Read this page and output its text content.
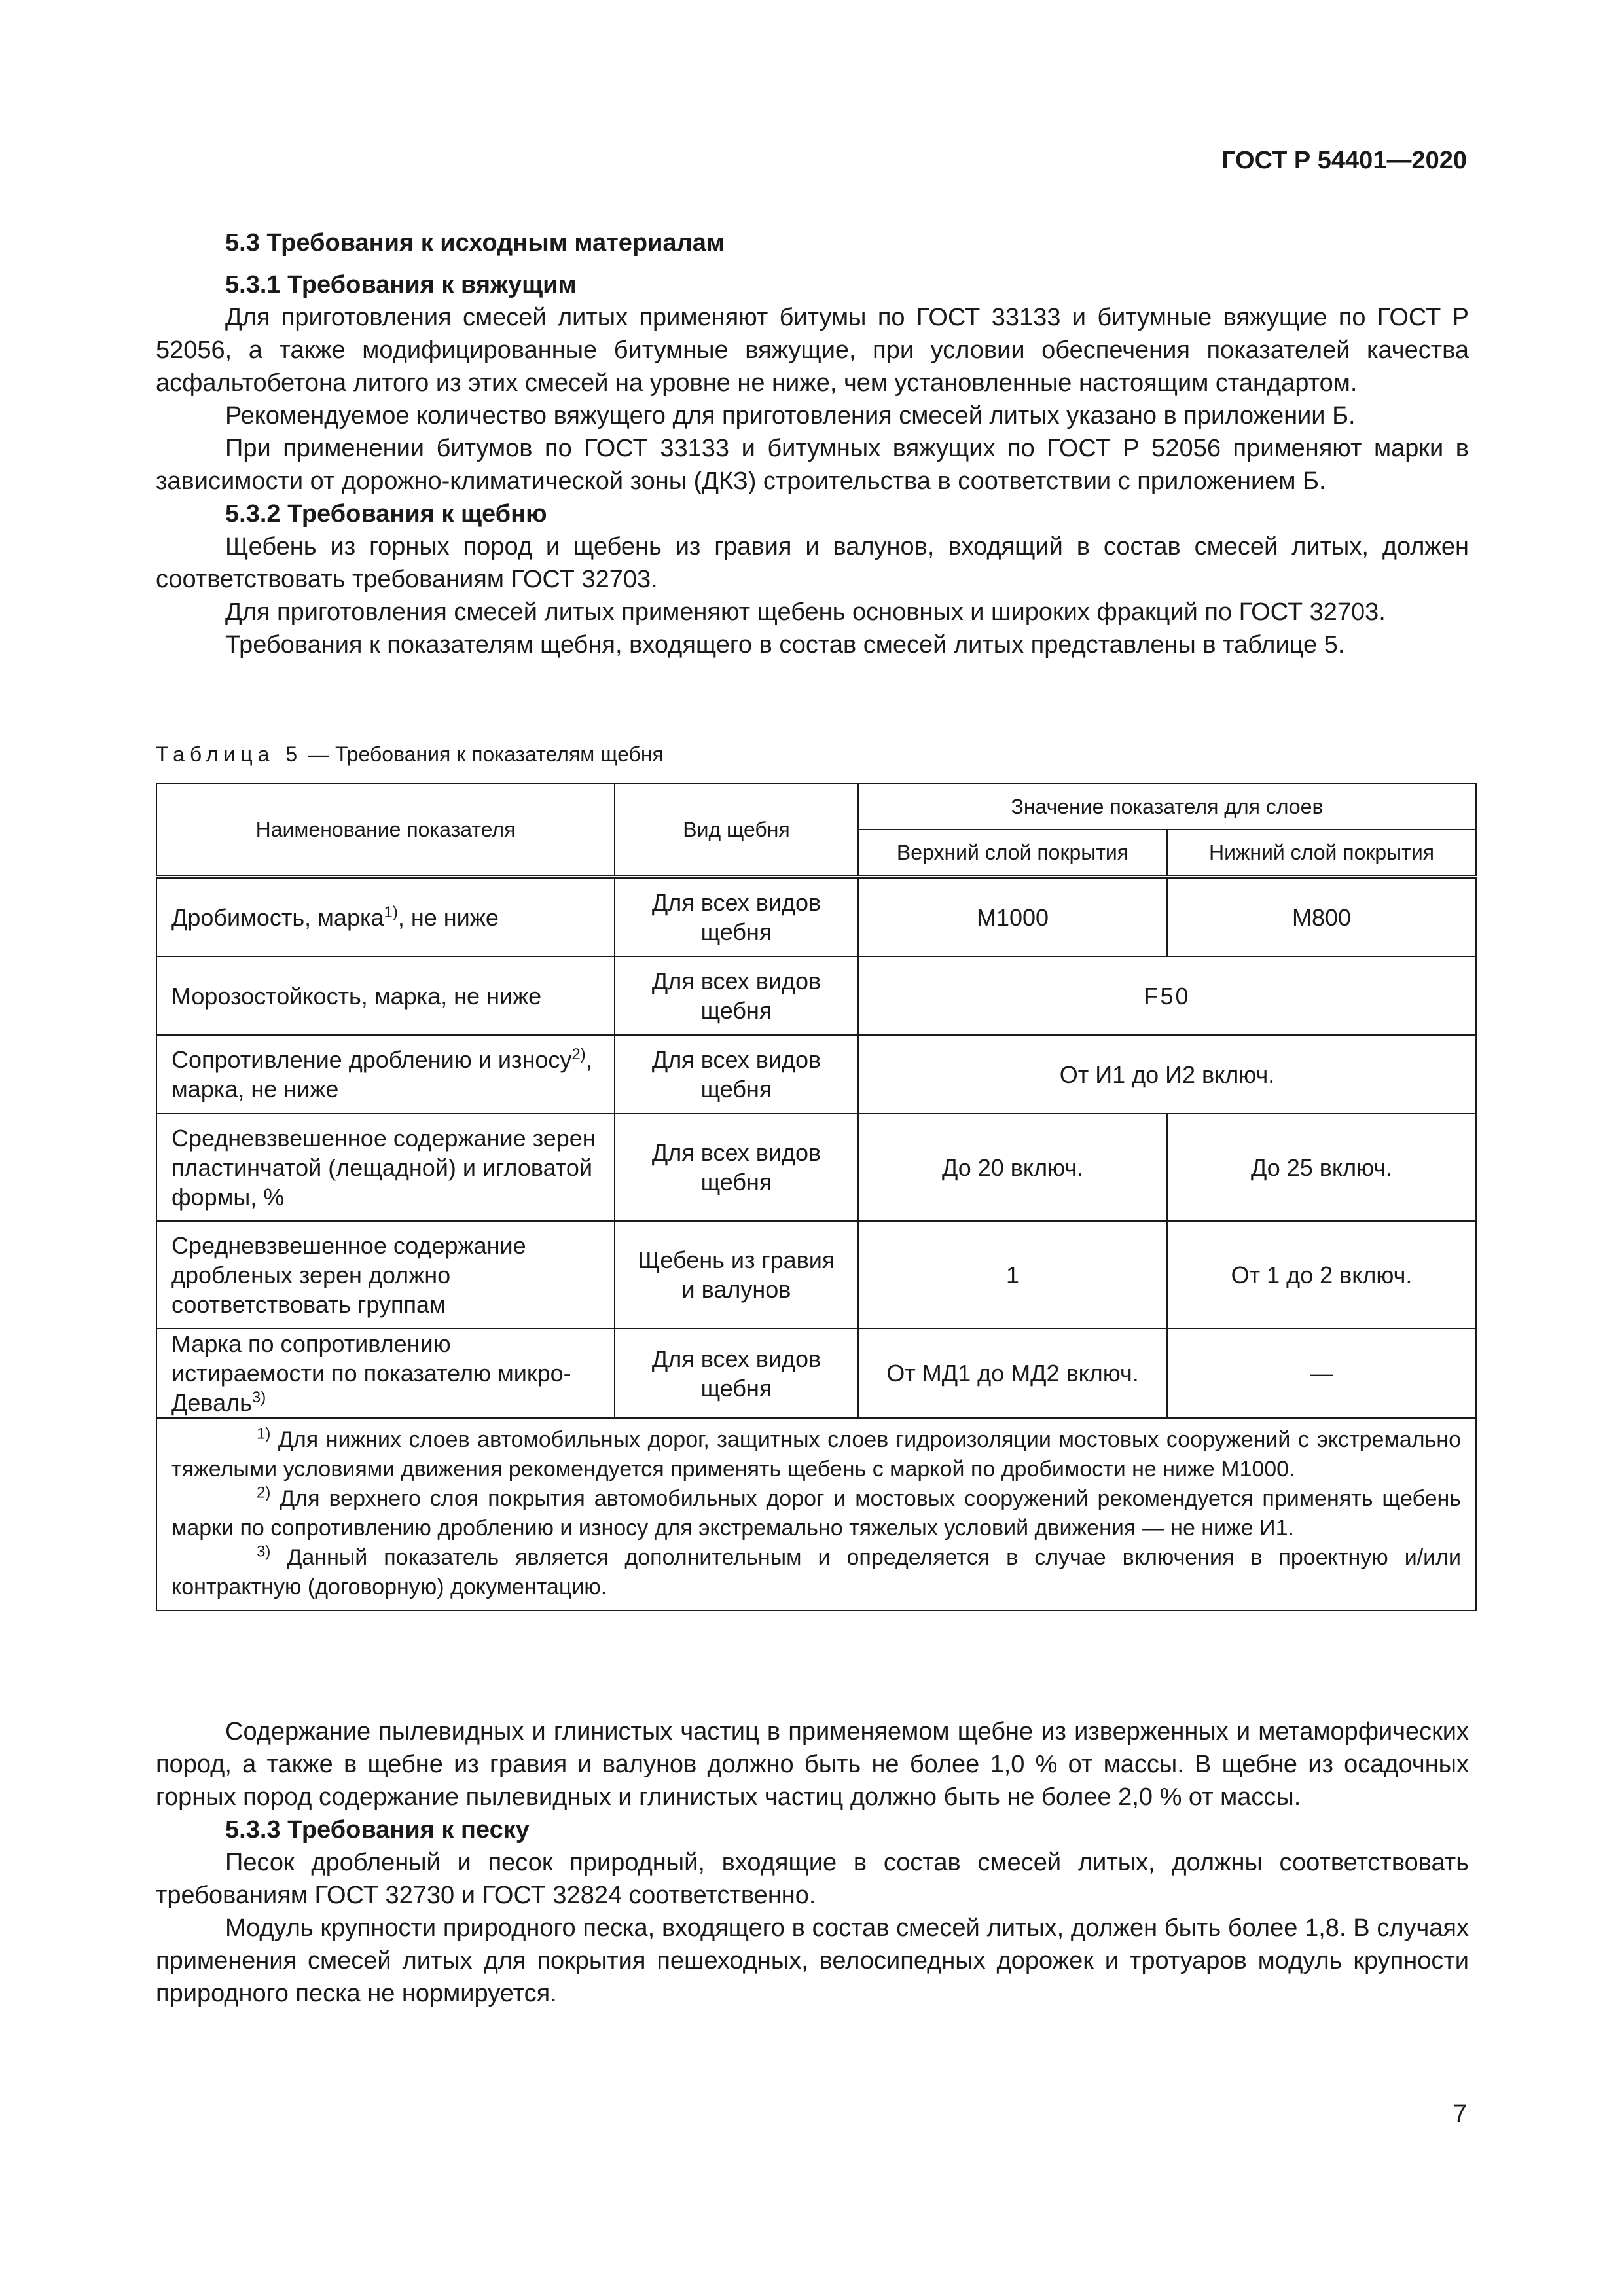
ГОСТ Р 54401—2020

5.3 Требования к исходным материалам

5.3.1 Требования к вяжущим

Для приготовления смесей литых применяют битумы по ГОСТ 33133 и битумные вяжущие по ГОСТ Р 52056, а также модифицированные битумные вяжущие, при условии обеспечения показателей качества асфальтобетона литого из этих смесей на уровне не ниже, чем установленные настоящим стандартом.

Рекомендуемое количество вяжущего для приготовления смесей литых указано в приложении Б.

При применении битумов по ГОСТ 33133 и битумных вяжущих по ГОСТ Р 52056 применяют марки в зависимости от дорожно-климатической зоны (ДКЗ) строительства в соответствии с приложением Б.

5.3.2 Требования к щебню

Щебень из горных пород и щебень из гравия и валунов, входящий в состав смесей литых, должен соответствовать требованиям ГОСТ 32703.

Для приготовления смесей литых применяют щебень основных и широких фракций по ГОСТ 32703.

Требования к показателям щебня, входящего в состав смесей литых представлены в таблице 5.

Таблица 5 — Требования к показателям щебня
Наименование показателя	Вид щебня	Значение показателя для слоев	
		Верхний слой покрытия	Нижний слой покрытия
Дробимость, марка$^{1)}$, не ниже	Для всех видов щебня	М1000	М800
Морозостойкость, марка, не ниже	Для всех видов щебня	F50	
Сопротивление дроблению и износу$^{2)}$, марка, не ниже	Для всех видов щебня	От И1 до И2 включ.	
Средневзвешенное содержание зерен пластинчатой (лещадной) и игловатой формы, %	Для всех видов щебня	До 20 включ.	До 25 включ.
Средневзвешенное содержание дробленых зерен должно соответствовать группам	Щебень из гравия и валунов	1	От 1 до 2 включ.
Марка по сопротивлению истираемости по показателю микро-Деваль$^{3)}$	Для всех видов щебня	От МД1 до МД2 включ.	—

$^{1)}$ Для нижних слоев автомобильных дорог, защитных слоев гидроизоляции мостовых сооружений с экстремально тяжелыми условиями движения рекомендуется применять щебень с маркой по дробимости не ниже М1000.

$^{2)}$ Для верхнего слоя покрытия автомобильных дорог и мостовых сооружений рекомендуется применять щебень марки по сопротивлению дроблению и износу для экстремально тяжелых условий движения — не ниже И1.

$^{3)}$ Данный показатель является дополнительным и определяется в случае включения в проектную и/или контрактную (договорную) документацию.			

Содержание пылевидных и глинистых частиц в применяемом щебне из изверженных и метаморфических пород, а также в щебне из гравия и валунов должно быть не более 1,0 % от массы. В щебне из осадочных горных пород содержание пылевидных и глинистых частиц должно быть не более 2,0 % от массы.

5.3.3 Требования к песку

Песок дробленый и песок природный, входящие в состав смесей литых, должны соответствовать требованиям ГОСТ 32730 и ГОСТ 32824 соответственно.

Модуль крупности природного песка, входящего в состав смесей литых, должен быть более 1,8. В случаях применения смесей литых для покрытия пешеходных, велосипедных дорожек и тротуаров модуль крупности природного песка не нормируется.

7
